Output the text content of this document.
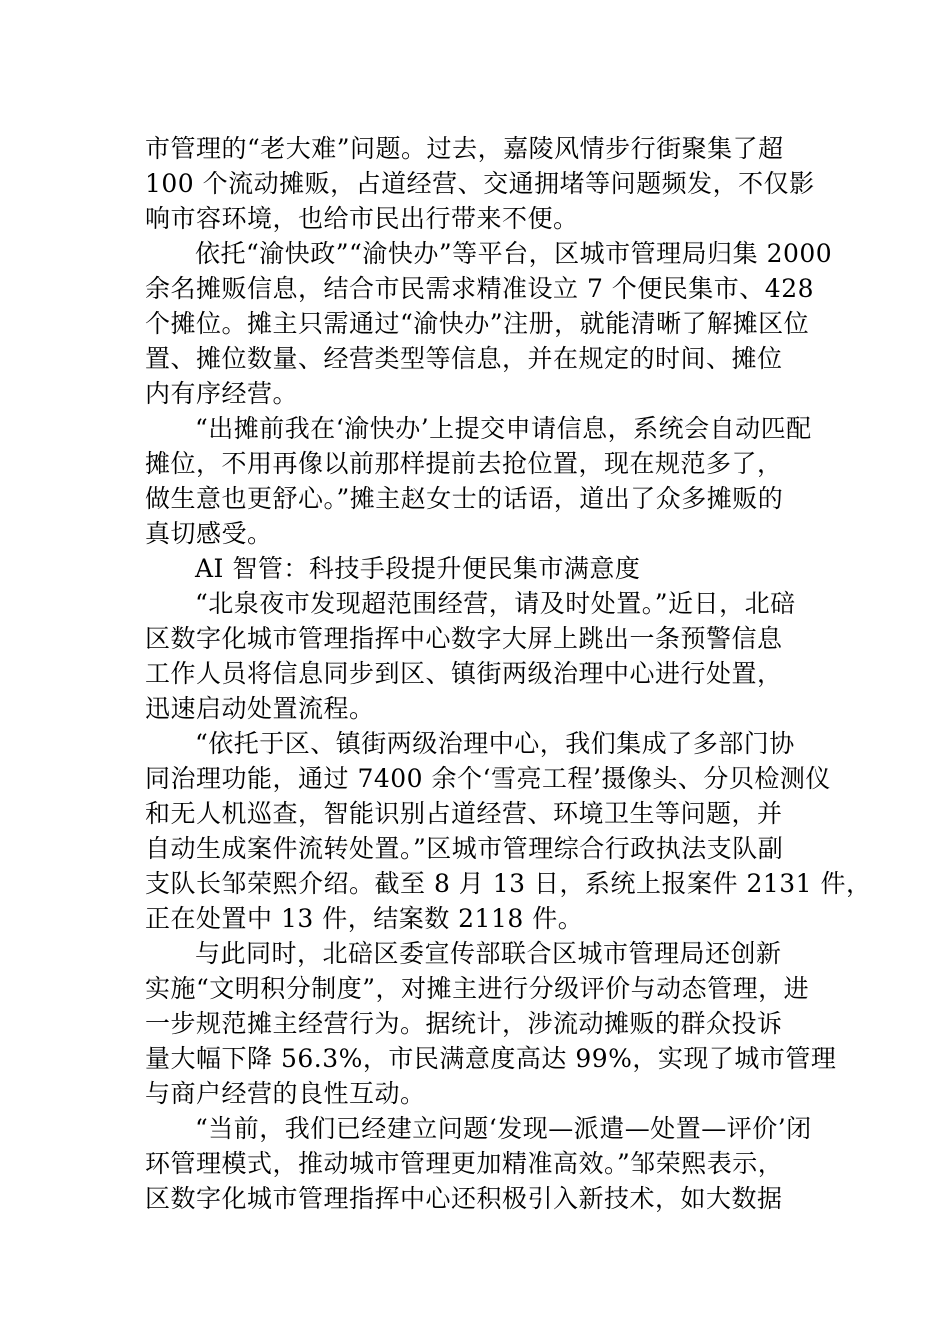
市管理的“老大难”问题。过去，嘉陵风情步行街聚集了超
100 个流动摊贩，占道经营、交通拥堵等问题频发，不仅影
响市容环境，也给市民出行带来不便。
依托“渝快政”“渝快办”等平台，区城市管理局归集 2000
余名摊贩信息，结合市民需求精准设立 7 个便民集市、428
个摊位。摊主只需通过“渝快办”注册，就能清晰了解摊区位
置、摊位数量、经营类型等信息，并在规定的时间、摊位
内有序经营。
“出摊前我在‘渝快办’上提交申请信息，系统会自动匹配
摊位，不用再像以前那样提前去抢位置，现在规范多了，
做生意也更舒心。”摊主赵女士的话语，道出了众多摊贩的
真切感受。
AI 智管：科技手段提升便民集市满意度
“北泉夜市发现超范围经营，请及时处置。”近日，北碚
区数字化城市管理指挥中心数字大屏上跳出一条预警信息
工作人员将信息同步到区、镇街两级治理中心进行处置，
迅速启动处置流程。
“依托于区、镇街两级治理中心，我们集成了多部门协
同治理功能，通过 7400 余个‘雪亮工程’摄像头、分贝检测仪
和无人机巡查，智能识别占道经营、环境卫生等问题，并
自动生成案件流转处置。”区城市管理综合行政执法支队副
支队长邹荣熙介绍。截至 8 月 13 日，系统上报案件 2131 件，
正在处置中 13 件，结案数 2118 件。
与此同时，北碚区委宣传部联合区城市管理局还创新
实施“文明积分制度”，对摊主进行分级评价与动态管理，进
一步规范摊主经营行为。据统计，涉流动摊贩的群众投诉
量大幅下降 56.3%，市民满意度高达 99%，实现了城市管理
与商户经营的良性互动。
“当前，我们已经建立问题‘发现—派遣—处置—评价’闭
环管理模式，推动城市管理更加精准高效。”邹荣熙表示，
区数字化城市管理指挥中心还积极引入新技术，如大数据
